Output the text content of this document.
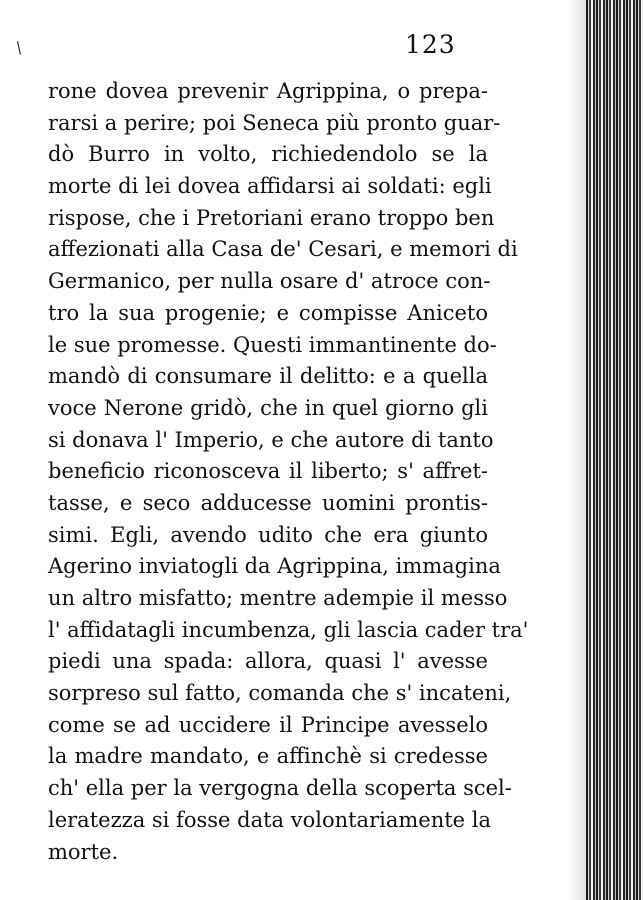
/	123
rone dovea prevenir Agrippina, o prepa-
rarsi a perire; poi Seneca più pronto guar-
dò Burro in volto, richiedendolo se la
morte di lei dovea affidarsi ai soldati: egli
rispose, che i Pretoriani erano troppo ben
affezionati alla Casa de' Cesari, e memori di
Germanico, per nulla osare d' atroce con-
tro la sua progenie; e compisse Aniceto
le sue promesse. Questi immantinente do-
mandò di consumare il delitto: e a quella
voce Nerone gridò, che in quel giorno gli
si donava l' Imperio, e che autore di tanto
beneficio riconosceva il liberto; s' affret-
tasse, e seco adducesse uomini prontis-
simi. Egli, avendo udito che era giunto
Agerino inviatogli da Agrippina, immagina
un altro misfatto; mentre adempie il messo
l' affidatagli incumbenza, gli lascia cader tra'
piedi una spada: allora, quasi l' avesse
sorpreso sul fatto, comanda che s' incateni,
come se ad uccidere il Principe avesselo
la madre mandato, e affinchè si credesse
ch' ella per la vergogna della scoperta scel-
leratezza si fosse data volontariamente la
morte.
